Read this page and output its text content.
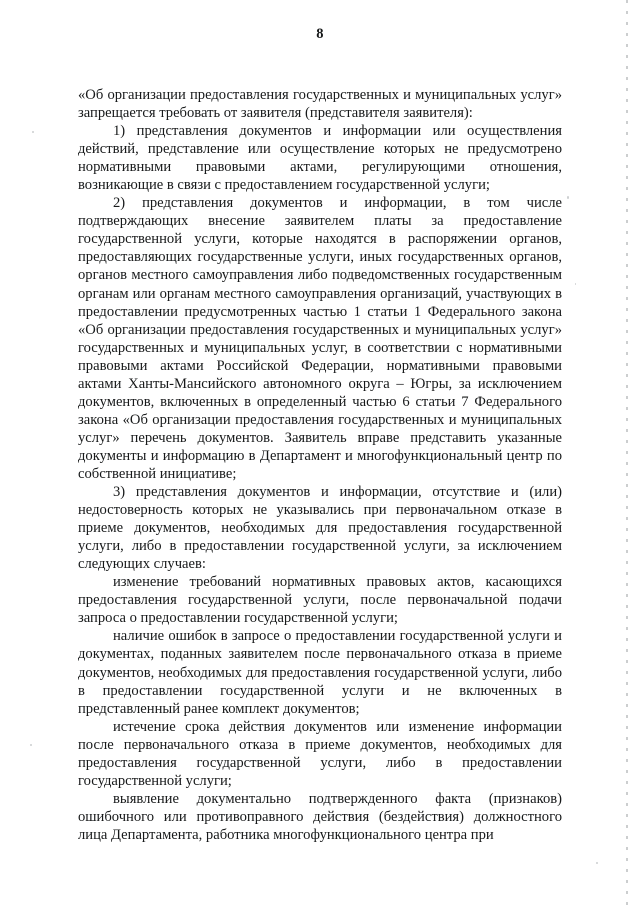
8

«Об организации предоставления государственных и муниципальных услуг» запрещается требовать от заявителя (представителя заявителя):

1) представления документов и информации или осуществления действий, представление или осуществление которых не предусмотрено нормативными правовыми актами, регулирующими отношения, возникающие в связи с предоставлением государственной услуги;

2) представления документов и информации, в том числе подтверждающих внесение заявителем платы за предоставление государственной услуги, которые находятся в распоряжении органов, предоставляющих государственные услуги, иных государственных органов, органов местного самоуправления либо подведомственных государственным органам или органам местного самоуправления организаций, участвующих в предоставлении предусмотренных частью 1 статьи 1 Федерального закона «Об организации предоставления государственных и муниципальных услуг» государственных и муниципальных услуг, в соответствии с нормативными правовыми актами Российской Федерации, нормативными правовыми актами Ханты-Мансийского автономного округа – Югры, за исключением документов, включенных в определенный частью 6 статьи 7 Федерального закона «Об организации предоставления государственных и муниципальных услуг» перечень документов. Заявитель вправе представить указанные документы и информацию в Департамент и многофункциональный центр по собственной инициативе;

3) представления документов и информации, отсутствие и (или) недостоверность которых не указывались при первоначальном отказе в приеме документов, необходимых для предоставления государственной услуги, либо в предоставлении государственной услуги, за исключением следующих случаев:

изменение требований нормативных правовых актов, касающихся предоставления государственной услуги, после первоначальной подачи запроса о предоставлении государственной услуги;

наличие ошибок в запросе о предоставлении государственной услуги и документах, поданных заявителем после первоначального отказа в приеме документов, необходимых для предоставления государственной услуги, либо в предоставлении государственной услуги и не включенных в представленный ранее комплект документов;

истечение срока действия документов или изменение информации после первоначального отказа в приеме документов, необходимых для предоставления государственной услуги, либо в предоставлении государственной услуги;

выявление документально подтвержденного факта (признаков) ошибочного или противоправного действия (бездействия) должностного лица Департамента, работника многофункционального центра при
